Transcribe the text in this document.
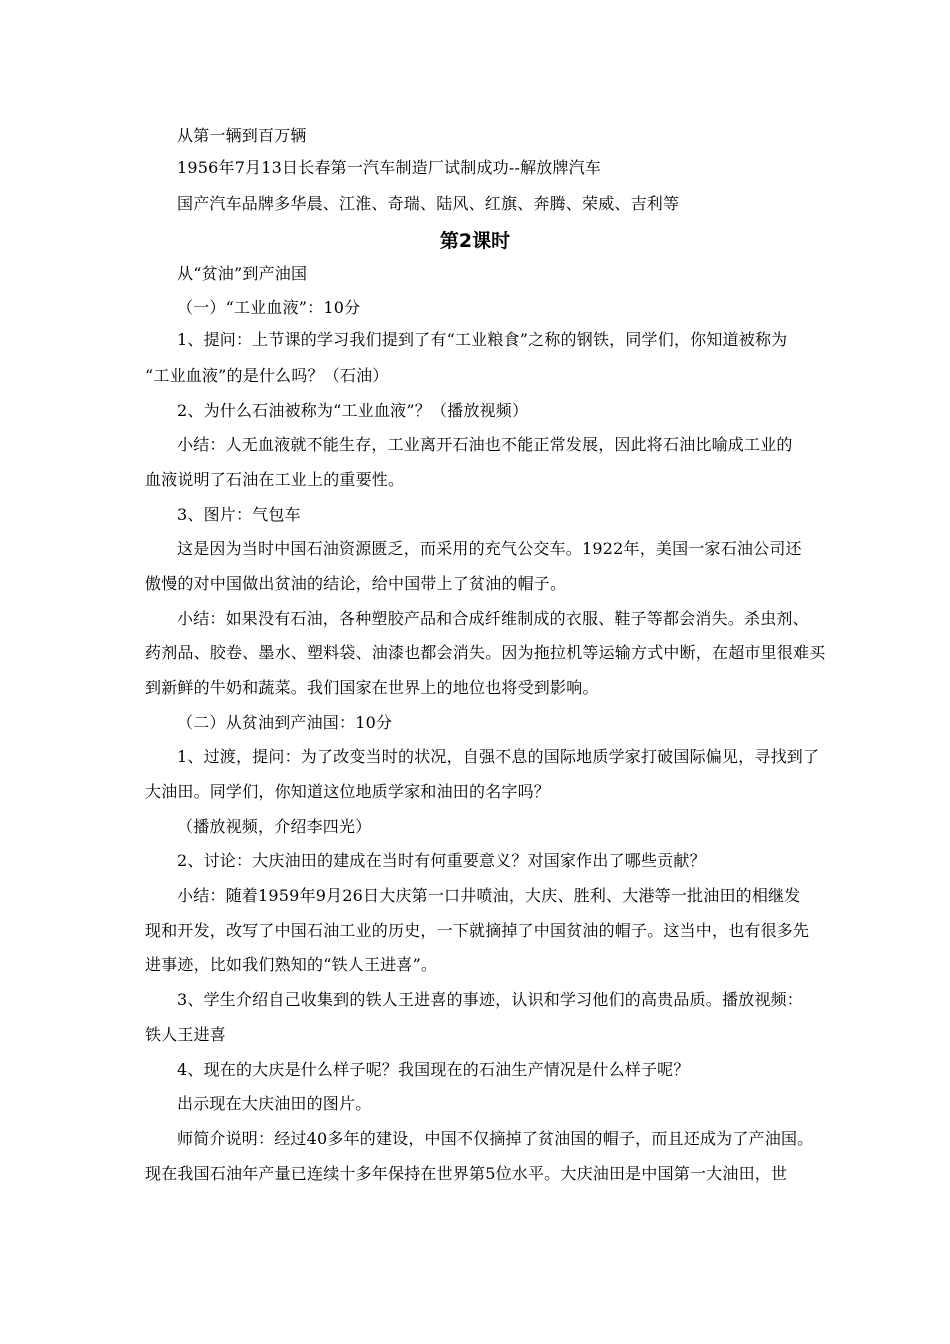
从第一辆到百万辆
1956年7月13日长春第一汽车制造厂试制成功--解放牌汽车
国产汽车品牌多华晨、江淮、奇瑞、陆风、红旗、奔腾、荣威、吉利等
第2课时
从“贫油”到产油国
（一）“工业血液”：10分
1、提问：上节课的学习我们提到了有“工业粮食”之称的钢铁，同学们，你知道被称为
“工业血液”的是什么吗？（石油）
2、为什么石油被称为“工业血液”？（播放视频）
小结：人无血液就不能生存，工业离开石油也不能正常发展，因此将石油比喻成工业的
血液说明了石油在工业上的重要性。
3、图片：气包车
这是因为当时中国石油资源匮乏，而采用的充气公交车。1922年，美国一家石油公司还
傲慢的对中国做出贫油的结论，给中国带上了贫油的帽子。
小结：如果没有石油，各种塑胶产品和合成纤维制成的衣服、鞋子等都会消失。杀虫剂、
药剂品、胶卷、墨水、塑料袋、油漆也都会消失。因为拖拉机等运输方式中断，在超市里很难买
到新鲜的牛奶和蔬菜。我们国家在世界上的地位也将受到影响。
（二）从贫油到产油国：10分
1、过渡，提问：为了改变当时的状况，自强不息的国际地质学家打破国际偏见，寻找到了
大油田。同学们，你知道这位地质学家和油田的名字吗？
（播放视频，介绍李四光）
2、讨论：大庆油田的建成在当时有何重要意义？对国家作出了哪些贡献？
小结：随着1959年9月26日大庆第一口井喷油，大庆、胜利、大港等一批油田的相继发
现和开发，改写了中国石油工业的历史，一下就摘掉了中国贫油的帽子。这当中，也有很多先
进事迹，比如我们熟知的“铁人王进喜”。
3、学生介绍自己收集到的铁人王进喜的事迹，认识和学习他们的高贵品质。播放视频：
铁人王进喜
4、现在的大庆是什么样子呢？我国现在的石油生产情况是什么样子呢？
出示现在大庆油田的图片。
师简介说明：经过40多年的建设，中国不仅摘掉了贫油国的帽子，而且还成为了产油国。
现在我国石油年产量已连续十多年保持在世界第5位水平。大庆油田是中国第一大油田，世
